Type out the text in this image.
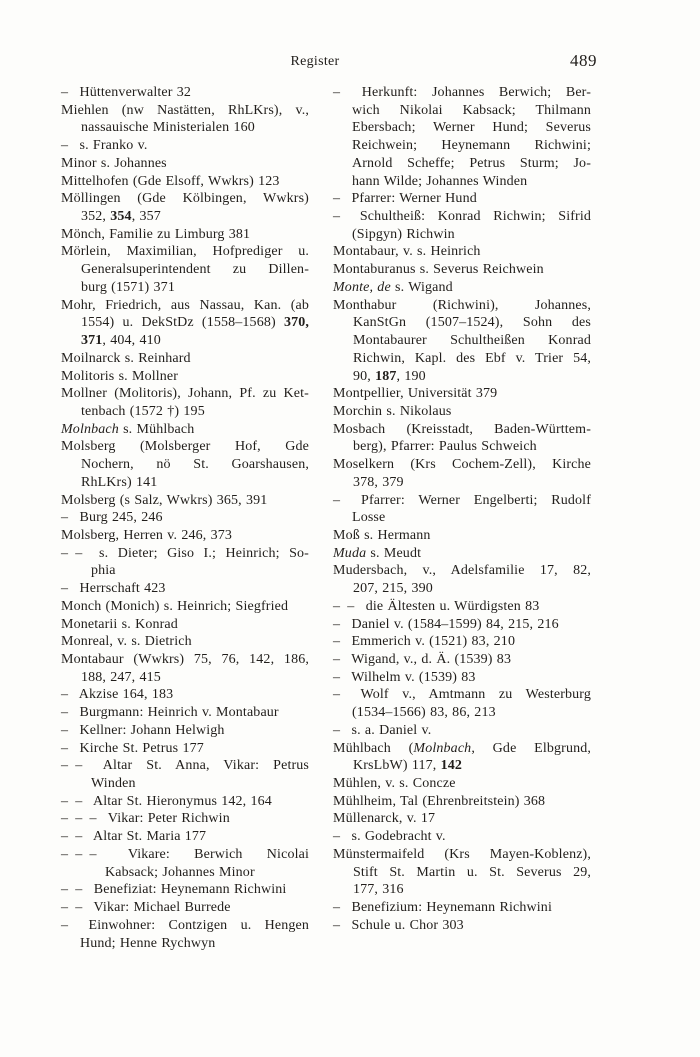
Register	489
–  Hüttenverwalter 32
Miehlen (nw Nastätten, RhLKrs), v.,
nassauische Ministerialen 160
–  s. Franko v.
Minor s. Johannes
Mittelhofen (Gde Elsoff, Wwkrs) 123
Möllingen (Gde Kölbingen, Wwkrs)
352, 354, 357
Mönch, Familie zu Limburg 381
Mörlein, Maximilian, Hofprediger u.
Generalsuperintendent zu Dillen-
burg (1571) 371
Mohr, Friedrich, aus Nassau, Kan. (ab
1554) u. DekStDz (1558–1568) 370,
371, 404, 410
Moilnarck s. Reinhard
Molitoris s. Mollner
Mollner (Molitoris), Johann, Pf. zu Ket-
tenbach (1572 †) 195
Molnbach s. Mühlbach
Molsberg (Molsberger Hof, Gde
Nochern, nö St. Goarshausen,
RhLKrs) 141
Molsberg (s Salz, Wwkrs) 365, 391
–  Burg 245, 246
Molsberg, Herren v. 246, 373
– –  s. Dieter; Giso I.; Heinrich; So-
phia
–  Herrschaft 423
Monch (Monich) s. Heinrich; Siegfried
Monetarii s. Konrad
Monreal, v. s. Dietrich
Montabaur (Wwkrs) 75, 76, 142, 186,
188, 247, 415
–  Akzise 164, 183
–  Burgmann: Heinrich v. Montabaur
–  Kellner: Johann Helwigh
–  Kirche St. Petrus 177
– –  Altar St. Anna, Vikar: Petrus
Winden
– –  Altar St. Hieronymus 142, 164
– – –  Vikar: Peter Richwin
– –  Altar St. Maria 177
– – –  Vikare: Berwich Nicolai
Kabsack; Johannes Minor
– –  Benefiziat: Heynemann Richwini
– –  Vikar: Michael Burrede
–  Einwohner: Contzigen u. Hengen
Hund; Henne Rychwyn
–  Herkunft: Johannes Berwich; Ber-
wich Nikolai Kabsack; Thilmann
Ebersbach; Werner Hund; Severus
Reichwein; Heynemann Richwini;
Arnold Scheffe; Petrus Sturm; Jo-
hann Wilde; Johannes Winden
–  Pfarrer: Werner Hund
–  Schultheiß: Konrad Richwin; Sifrid
(Sipgyn) Richwin
Montabaur, v. s. Heinrich
Montaburanus s. Severus Reichwein
Monte, de s. Wigand
Monthabur (Richwini), Johannes,
KanStGn (1507–1524), Sohn des
Montabaurer Schultheißen Konrad
Richwin, Kapl. des Ebf v. Trier 54,
90, 187, 190
Montpellier, Universität 379
Morchin s. Nikolaus
Mosbach (Kreisstadt, Baden-Württem-
berg), Pfarrer: Paulus Schweich
Moselkern (Krs Cochem-Zell), Kirche
378, 379
–  Pfarrer: Werner Engelberti; Rudolf
Losse
Moß s. Hermann
Muda s. Meudt
Mudersbach, v., Adelsfamilie 17, 82,
207, 215, 390
– –  die Ältesten u. Würdigsten 83
–  Daniel v. (1584–1599) 84, 215, 216
–  Emmerich v. (1521) 83, 210
–  Wigand, v., d. Ä. (1539) 83
–  Wilhelm v. (1539) 83
–  Wolf v., Amtmann zu Westerburg
(1534–1566) 83, 86, 213
–  s. a. Daniel v.
Mühlbach (Molnbach, Gde Elbgrund,
KrsLbW) 117, 142
Mühlen, v. s. Concze
Mühlheim, Tal (Ehrenbreitstein) 368
Müllenarck, v. 17
–  s. Godebracht v.
Münstermaifeld (Krs Mayen-Koblenz),
Stift St. Martin u. St. Severus 29,
177, 316
–  Benefizium: Heynemann Richwini
–  Schule u. Chor 303
